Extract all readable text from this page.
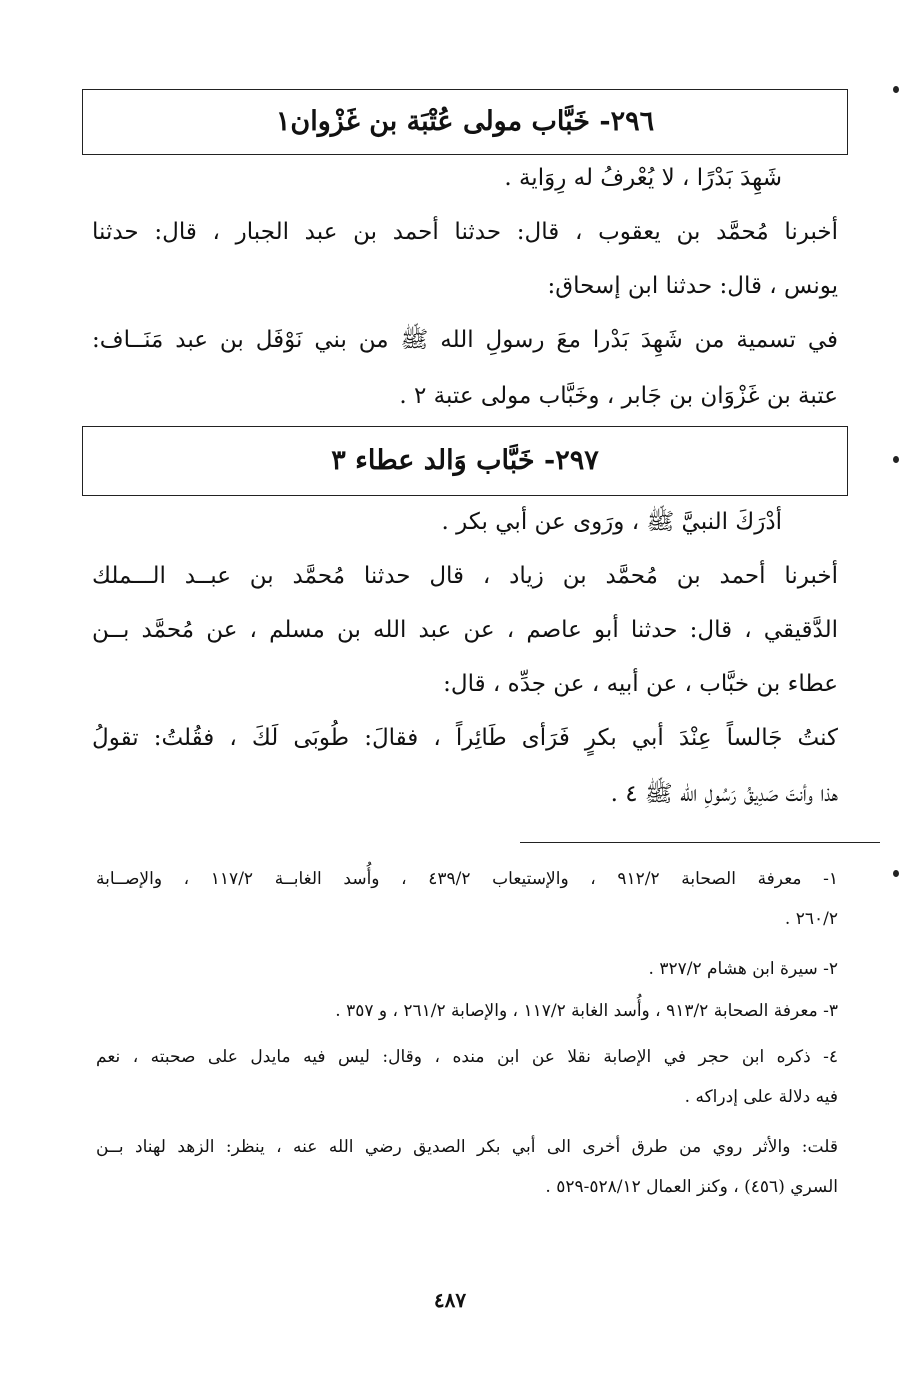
٢٩٦- خَبَّاب مولى عُتْبَة بن غَزْوان١
شَهِدَ بَدْرًا ، لا يُعْرفُ له رِوَاية .
أخبرنا مُحمَّد بن يعقوب ، قال: حدثنا أحمد بن عبد الجبار ، قال: حدثنا
يونس ، قال: حدثنا ابن إسحاق:
في تسمية من شَهِدَ بَدْرا معَ رسولِ الله ﷺ من بني نَوْفَل بن عبد مَنَــاف:
عتبة بن غَزْوَان بن جَابر ، وخَبَّاب مولى عتبة ٢ .
٢٩٧- خَبَّاب وَالد عطاء ٣
أدْرَكَ النبيَّ ﷺ ، ورَوى عن أبي بكر .
أخبرنا أحمد بن مُحمَّد بن زياد ، قال حدثنا مُحمَّد بن عبــد الـــملك
الدَّقيقي ، قال: حدثنا أبو عاصم ، عن عبد الله بن مسلم ، عن مُحمَّد بــن
عطاء بن خبَّاب ، عن أبيه ، عن جدِّه ، قال:
كنتُ جَالساً عِنْدَ أبي بكرٍ فَرَأى طَائِراً ، فقالَ: طُوبَى لَكَ ، فقُلتُ: تقولُ
هذا وأنتَ صَدِيقُ رَسُولِ الله ﷺ ٤ .
١- معرفة الصحابة ٩١٢/٢ ، والإستيعاب ٤٣٩/٢ ، وأُسد الغابــة ١١٧/٢ ، والإصــابة
٢٦٠/٢ .
٢- سيرة ابن هشام ٣٢٧/٢ .
٣- معرفة الصحابة ٩١٣/٢ ، وأُسد الغابة ١١٧/٢ ، والإصابة ٢٦١/٢ ، و ٣٥٧ .
٤- ذكره ابن حجر في الإصابة نقلا عن ابن منده ، وقال: ليس فيه مايدل على صحبته ، نعم
فيه دلالة على إدراكه .
قلت: والأثر روي من طرق أخرى الى أبي بكر الصديق رضي الله عنه ، ينظر: الزهد لهناد بــن
السري (٤٥٦) ، وكنز العمال ٥٢٨/١٢-٥٢٩ .
٤٨٧
